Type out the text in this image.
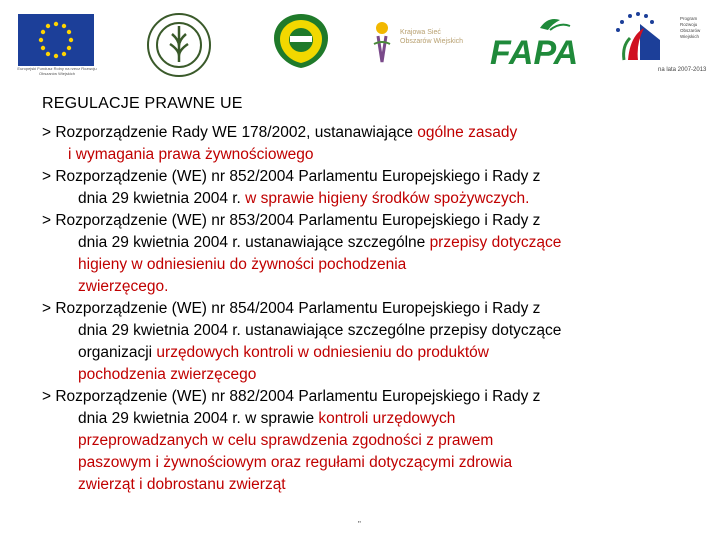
Europejski Fundusz Rolny na rzecz Rozwoju Obszarów Wiejskich
Krajowa Sieć
Obszarów Wiejskich FAPA
Program
Rozwoju
Obszarów
Wiejskich
na lata 2007-2013
REGULACJE PRAWNE UE
> Rozporządzenie Rady WE 178/2002, ustanawiające ogólne zasady
i wymagania prawa żywnościowego
> Rozporządzenie (WE) nr 852/2004 Parlamentu Europejskiego i Rady z
dnia 29 kwietnia 2004 r. w sprawie higieny środków spożywczych.
> Rozporządzenie (WE) nr 853/2004 Parlamentu Europejskiego i Rady z
dnia 29 kwietnia 2004 r. ustanawiające szczególne przepisy dotyczące
higieny w odniesieniu do żywności pochodzenia
zwierzęcego.
> Rozporządzenie (WE) nr 854/2004 Parlamentu Europejskiego i Rady z
dnia 29 kwietnia 2004 r. ustanawiające szczególne przepisy dotyczące
organizacji urzędowych kontroli w odniesieniu do produktów
pochodzenia zwierzęcego
> Rozporządzenie (WE) nr 882/2004 Parlamentu Europejskiego i Rady z
dnia 29 kwietnia 2004 r. w sprawie kontroli urzędowych
przeprowadzanych w celu sprawdzenia zgodności z prawem
paszowym i żywnościowym oraz regułami dotyczącymi zdrowia
zwierząt i dobrostanu zwierząt
"
